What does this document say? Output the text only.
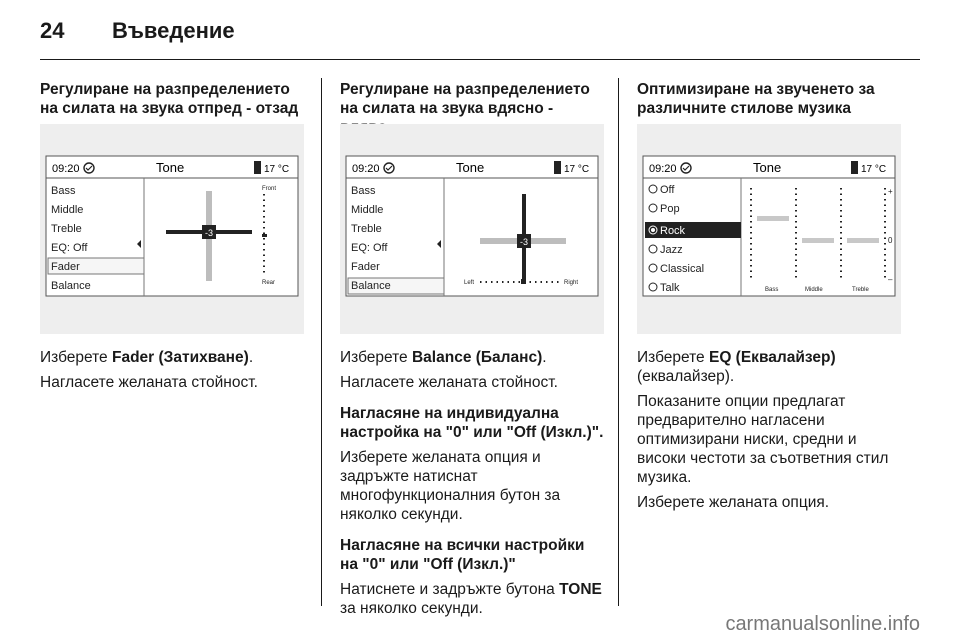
24	Въведение
Регулиране на разпределението на силата на звука отпред - отзад
09:20	Tone	17 °C
Bass
Middle
Treble
EQ: Off
Fader
Balance
-3
Front
Rear

Изберете Fader (Затихване).

Нагласете желаната стойност.

Регулиране на разпределението на силата на звука вдясно -
09:20	Tone	17 °C
Bass
Middle
Treble
EQ: Off
Fader
Balance
-3
Left	Right

Изберете Balance (Баланс).

Нагласете желаната стойност.

Нагласяне на индивидуална настройка на "0" или "Off (Изкл.)".

Изберете желаната опция и задръжте натиснат многофункционалния бутон за няколко секунди.

Нагласяне на всички настройки на "0" или "Off (Изкл.)"

Натиснете и задръжте бутона TONE за няколко секунди.

Оптимизиране на звученето за различните стилове музика
09:20	Tone	17 °C
Off
Pop
Rock
Jazz
Classical
Talk	Bass	Middle	Treble
+
0
–

Изберете EQ (Еквалайзер) (еквалайзер).

Показаните опции предлагат предварително нагласени оптимизирани ниски, средни и високи честоти за съответния стил музика.

Изберете желаната опция.

carmanualsonline.info
